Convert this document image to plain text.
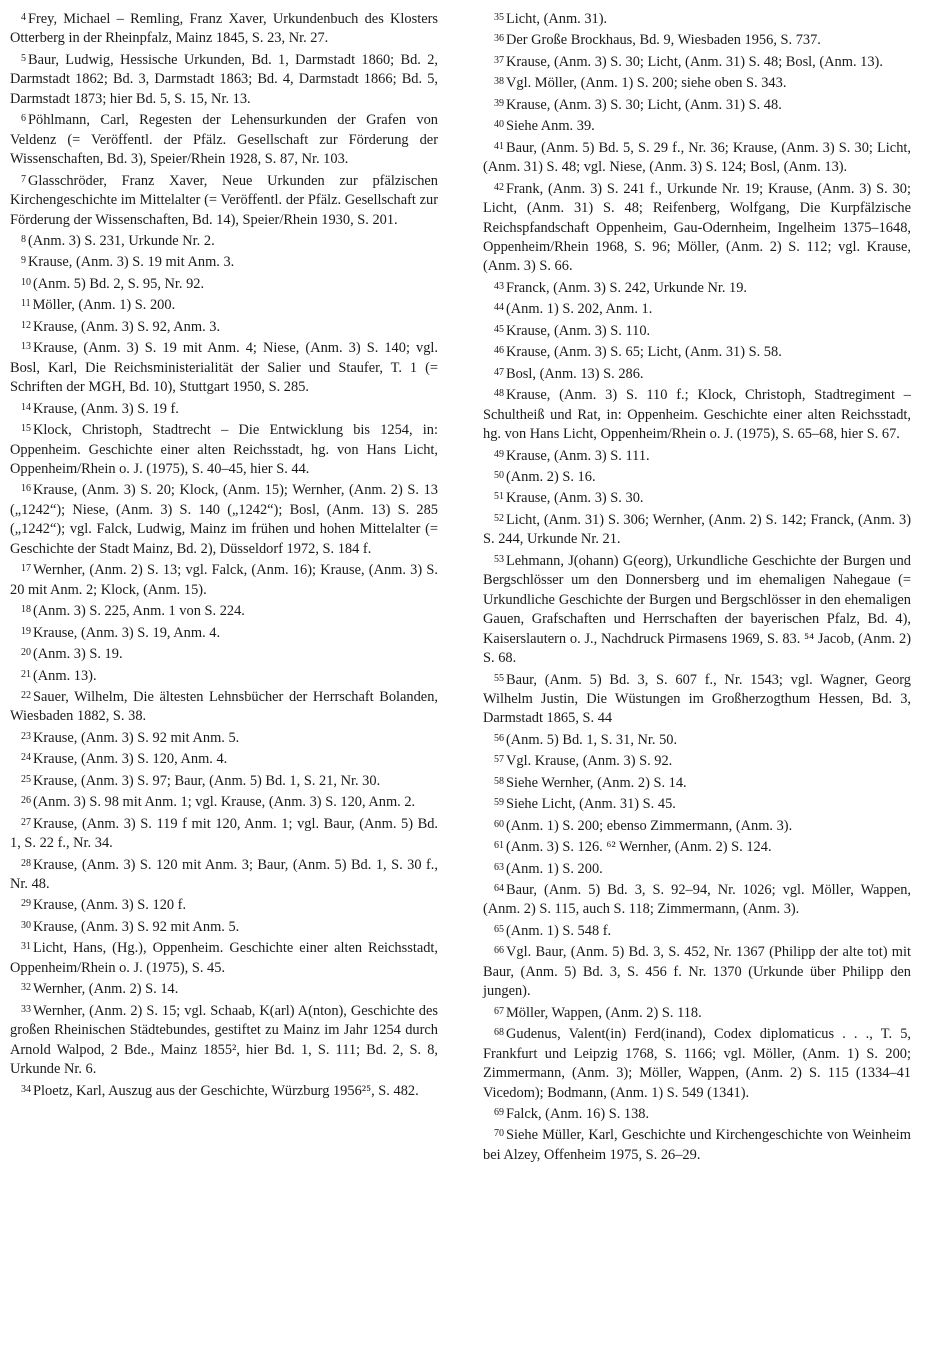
$^4$ Frey, Michael – Remling, Franz Xaver, Urkundenbuch des Klosters Otterberg in der Rheinpfalz, Mainz 1845, S. 23, Nr. 27.

$^5$ Baur, Ludwig, Hessische Urkunden, Bd. 1, Darmstadt 1860; Bd. 2, Darmstadt 1862; Bd. 3, Darmstadt 1863; Bd. 4, Darmstadt 1866; Bd. 5, Darmstadt 1873; hier Bd. 5, S. 15, Nr. 13.

$^6$ Pöhlmann, Carl, Regesten der Lehensurkunden der Grafen von Veldenz (= Veröffentl. der Pfälz. Gesellschaft zur Förderung der Wissenschaften, Bd. 3), Speier/Rhein 1928, S. 87, Nr. 103.

$^7$ Glasschröder, Franz Xaver, Neue Urkunden zur pfälzischen Kirchengeschichte im Mittelalter (= Veröffentl. der Pfälz. Gesellschaft zur Förderung der Wissenschaften, Bd. 14), Speier/Rhein 1930, S. 201.

$^8$ (Anm. 3) S. 231, Urkunde Nr. 2.

$^9$ Krause, (Anm. 3) S. 19 mit Anm. 3.

$^{10}$ (Anm. 5) Bd. 2, S. 95, Nr. 92.

$^{11}$ Möller, (Anm. 1) S. 200.

$^{12}$ Krause, (Anm. 3) S. 92, Anm. 3.

$^{13}$ Krause, (Anm. 3) S. 19 mit Anm. 4; Niese, (Anm. 3) S. 140; vgl. Bosl, Karl, Die Reichsministerialität der Salier und Staufer, T. 1 (= Schriften der MGH, Bd. 10), Stuttgart 1950, S. 285.

$^{14}$ Krause, (Anm. 3) S. 19 f.

$^{15}$ Klock, Christoph, Stadtrecht – Die Entwicklung bis 1254, in: Oppenheim. Geschichte einer alten Reichsstadt, hg. von Hans Licht, Oppenheim/Rhein o. J. (1975), S. 40–45, hier S. 44.

$^{16}$ Krause, (Anm. 3) S. 20; Klock, (Anm. 15); Wernher, (Anm. 2) S. 13 („1242“); Niese, (Anm. 3) S. 140 („1242“); Bosl, (Anm. 13) S. 285 („1242“); vgl. Falck, Ludwig, Mainz im frühen und hohen Mittelalter (= Geschichte der Stadt Mainz, Bd. 2), Düsseldorf 1972, S. 184 f.

$^{17}$ Wernher, (Anm. 2) S. 13; vgl. Falck, (Anm. 16); Krause, (Anm. 3) S. 20 mit Anm. 2; Klock, (Anm. 15).

$^{18}$ (Anm. 3) S. 225, Anm. 1 von S. 224.

$^{19}$ Krause, (Anm. 3) S. 19, Anm. 4.

$^{20}$ (Anm. 3) S. 19.

$^{21}$ (Anm. 13).

$^{22}$ Sauer, Wilhelm, Die ältesten Lehnsbücher der Herrschaft Bolanden, Wiesbaden 1882, S. 38.

$^{23}$ Krause, (Anm. 3) S. 92 mit Anm. 5.

$^{24}$ Krause, (Anm. 3) S. 120, Anm. 4.

$^{25}$ Krause, (Anm. 3) S. 97; Baur, (Anm. 5) Bd. 1, S. 21, Nr. 30.

$^{26}$ (Anm. 3) S. 98 mit Anm. 1; vgl. Krause, (Anm. 3) S. 120, Anm. 2.

$^{27}$ Krause, (Anm. 3) S. 119 f mit 120, Anm. 1; vgl. Baur, (Anm. 5) Bd. 1, S. 22 f., Nr. 34.

$^{28}$ Krause, (Anm. 3) S. 120 mit Anm. 3; Baur, (Anm. 5) Bd. 1, S. 30 f., Nr. 48.

$^{29}$ Krause, (Anm. 3) S. 120 f.

$^{30}$ Krause, (Anm. 3) S. 92 mit Anm. 5.

$^{31}$ Licht, Hans, (Hg.), Oppenheim. Geschichte einer alten Reichsstadt, Oppenheim/Rhein o. J. (1975), S. 45.

$^{32}$ Wernher, (Anm. 2) S. 14.

$^{33}$ Wernher, (Anm. 2) S. 15; vgl. Schaab, K(arl) A(nton), Geschichte des großen Rheinischen Städtebundes, gestiftet zu Mainz im Jahr 1254 durch Arnold Walpod, 2 Bde., Mainz 1855², hier Bd. 1, S. 111; Bd. 2, S. 8, Urkunde Nr. 6.

$^{34}$ Ploetz, Karl, Auszug aus der Geschichte, Würzburg 1956²⁵, S. 482.

$^{35}$ Licht, (Anm. 31).

$^{36}$ Der Große Brockhaus, Bd. 9, Wiesbaden 1956, S. 737.

$^{37}$ Krause, (Anm. 3) S. 30; Licht, (Anm. 31) S. 48; Bosl, (Anm. 13).

$^{38}$ Vgl. Möller, (Anm. 1) S. 200; siehe oben S. 343.

$^{39}$ Krause, (Anm. 3) S. 30; Licht, (Anm. 31) S. 48.

$^{40}$ Siehe Anm. 39.

$^{41}$ Baur, (Anm. 5) Bd. 5, S. 29 f., Nr. 36; Krause, (Anm. 3) S. 30; Licht, (Anm. 31) S. 48; vgl. Niese, (Anm. 3) S. 124; Bosl, (Anm. 13).

$^{42}$ Frank, (Anm. 3) S. 241 f., Urkunde Nr. 19; Krause, (Anm. 3) S. 30; Licht, (Anm. 31) S. 48; Reifenberg, Wolfgang, Die Kurpfälzische Reichspfandschaft Oppenheim, Gau-Odernheim, Ingelheim 1375–1648, Oppenheim/Rhein 1968, S. 96; Möller, (Anm. 2) S. 112; vgl. Krause, (Anm. 3) S. 66.

$^{43}$ Franck, (Anm. 3) S. 242, Urkunde Nr. 19.

$^{44}$ (Anm. 1) S. 202, Anm. 1.

$^{45}$ Krause, (Anm. 3) S. 110.

$^{46}$ Krause, (Anm. 3) S. 65; Licht, (Anm. 31) S. 58.

$^{47}$ Bosl, (Anm. 13) S. 286.

$^{48}$ Krause, (Anm. 3) S. 110 f.; Klock, Christoph, Stadtregiment – Schultheiß und Rat, in: Oppenheim. Geschichte einer alten Reichsstadt, hg. von Hans Licht, Oppenheim/Rhein o. J. (1975), S. 65–68, hier S. 67.

$^{49}$ Krause, (Anm. 3) S. 111.

$^{50}$ (Anm. 2) S. 16.

$^{51}$ Krause, (Anm. 3) S. 30.

$^{52}$ Licht, (Anm. 31) S. 306; Wernher, (Anm. 2) S. 142; Franck, (Anm. 3) S. 244, Urkunde Nr. 21.

$^{53}$ Lehmann, J(ohann) G(eorg), Urkundliche Geschichte der Burgen und Bergschlösser um den Donnersberg und im ehemaligen Nahegaue (= Urkundliche Geschichte der Burgen und Bergschlösser in den ehemaligen Gauen, Grafschaften und Herrschaften der bayerischen Pfalz, Bd. 4), Kaiserslautern o. J., Nachdruck Pirmasens 1969, S. 83. ⁵⁴ Jacob, (Anm. 2) S. 68.

$^{55}$ Baur, (Anm. 5) Bd. 3, S. 607 f., Nr. 1543; vgl. Wagner, Georg Wilhelm Justin, Die Wüstungen im Großherzogthum Hessen, Bd. 3, Darmstadt 1865, S. 44

$^{56}$ (Anm. 5) Bd. 1, S. 31, Nr. 50.

$^{57}$ Vgl. Krause, (Anm. 3) S. 92.

$^{58}$ Siehe Wernher, (Anm. 2) S. 14.

$^{59}$ Siehe Licht, (Anm. 31) S. 45.

$^{60}$ (Anm. 1) S. 200; ebenso Zimmermann, (Anm. 3).

$^{61}$ (Anm. 3) S. 126. ⁶² Wernher, (Anm. 2) S. 124.

$^{63}$ (Anm. 1) S. 200.

$^{64}$ Baur, (Anm. 5) Bd. 3, S. 92–94, Nr. 1026; vgl. Möller, Wappen, (Anm. 2) S. 115, auch S. 118; Zimmermann, (Anm. 3).

$^{65}$ (Anm. 1) S. 548 f.

$^{66}$ Vgl. Baur, (Anm. 5) Bd. 3, S. 452, Nr. 1367 (Philipp der alte tot) mit Baur, (Anm. 5) Bd. 3, S. 456 f. Nr. 1370 (Urkunde über Philipp den jungen).

$^{67}$ Möller, Wappen, (Anm. 2) S. 118.

$^{68}$ Gudenus, Valent(in) Ferd(inand), Codex diplomaticus . . ., T. 5, Frankfurt und Leipzig 1768, S. 1166; vgl. Möller, (Anm. 1) S. 200; Zimmermann, (Anm. 3); Möller, Wappen, (Anm. 2) S. 115 (1334–41 Vicedom); Bodmann, (Anm. 1) S. 549 (1341).

$^{69}$ Falck, (Anm. 16) S. 138.

$^{70}$ Siehe Müller, Karl, Geschichte und Kirchengeschichte von Weinheim bei Alzey, Offenheim 1975, S. 26–29.
